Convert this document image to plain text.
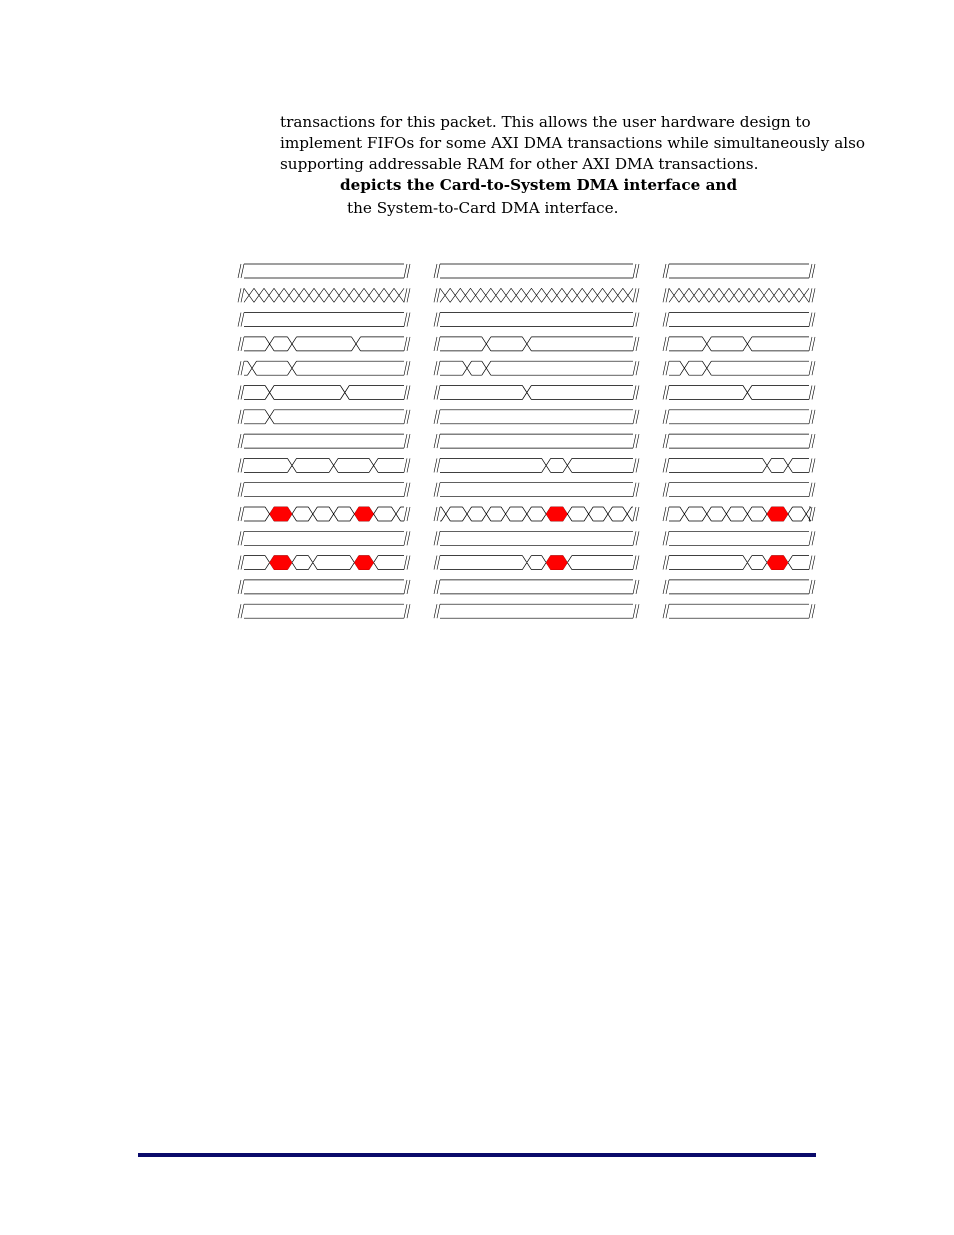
transactions for this packet. This allows the user hardware design to
implement FIFOs for some AXI DMA transactions while simultaneously also
supporting addressable RAM for other AXI DMA transactions.
depicts the Card-to-System DMA interface and
the System-to-Card DMA interface.
